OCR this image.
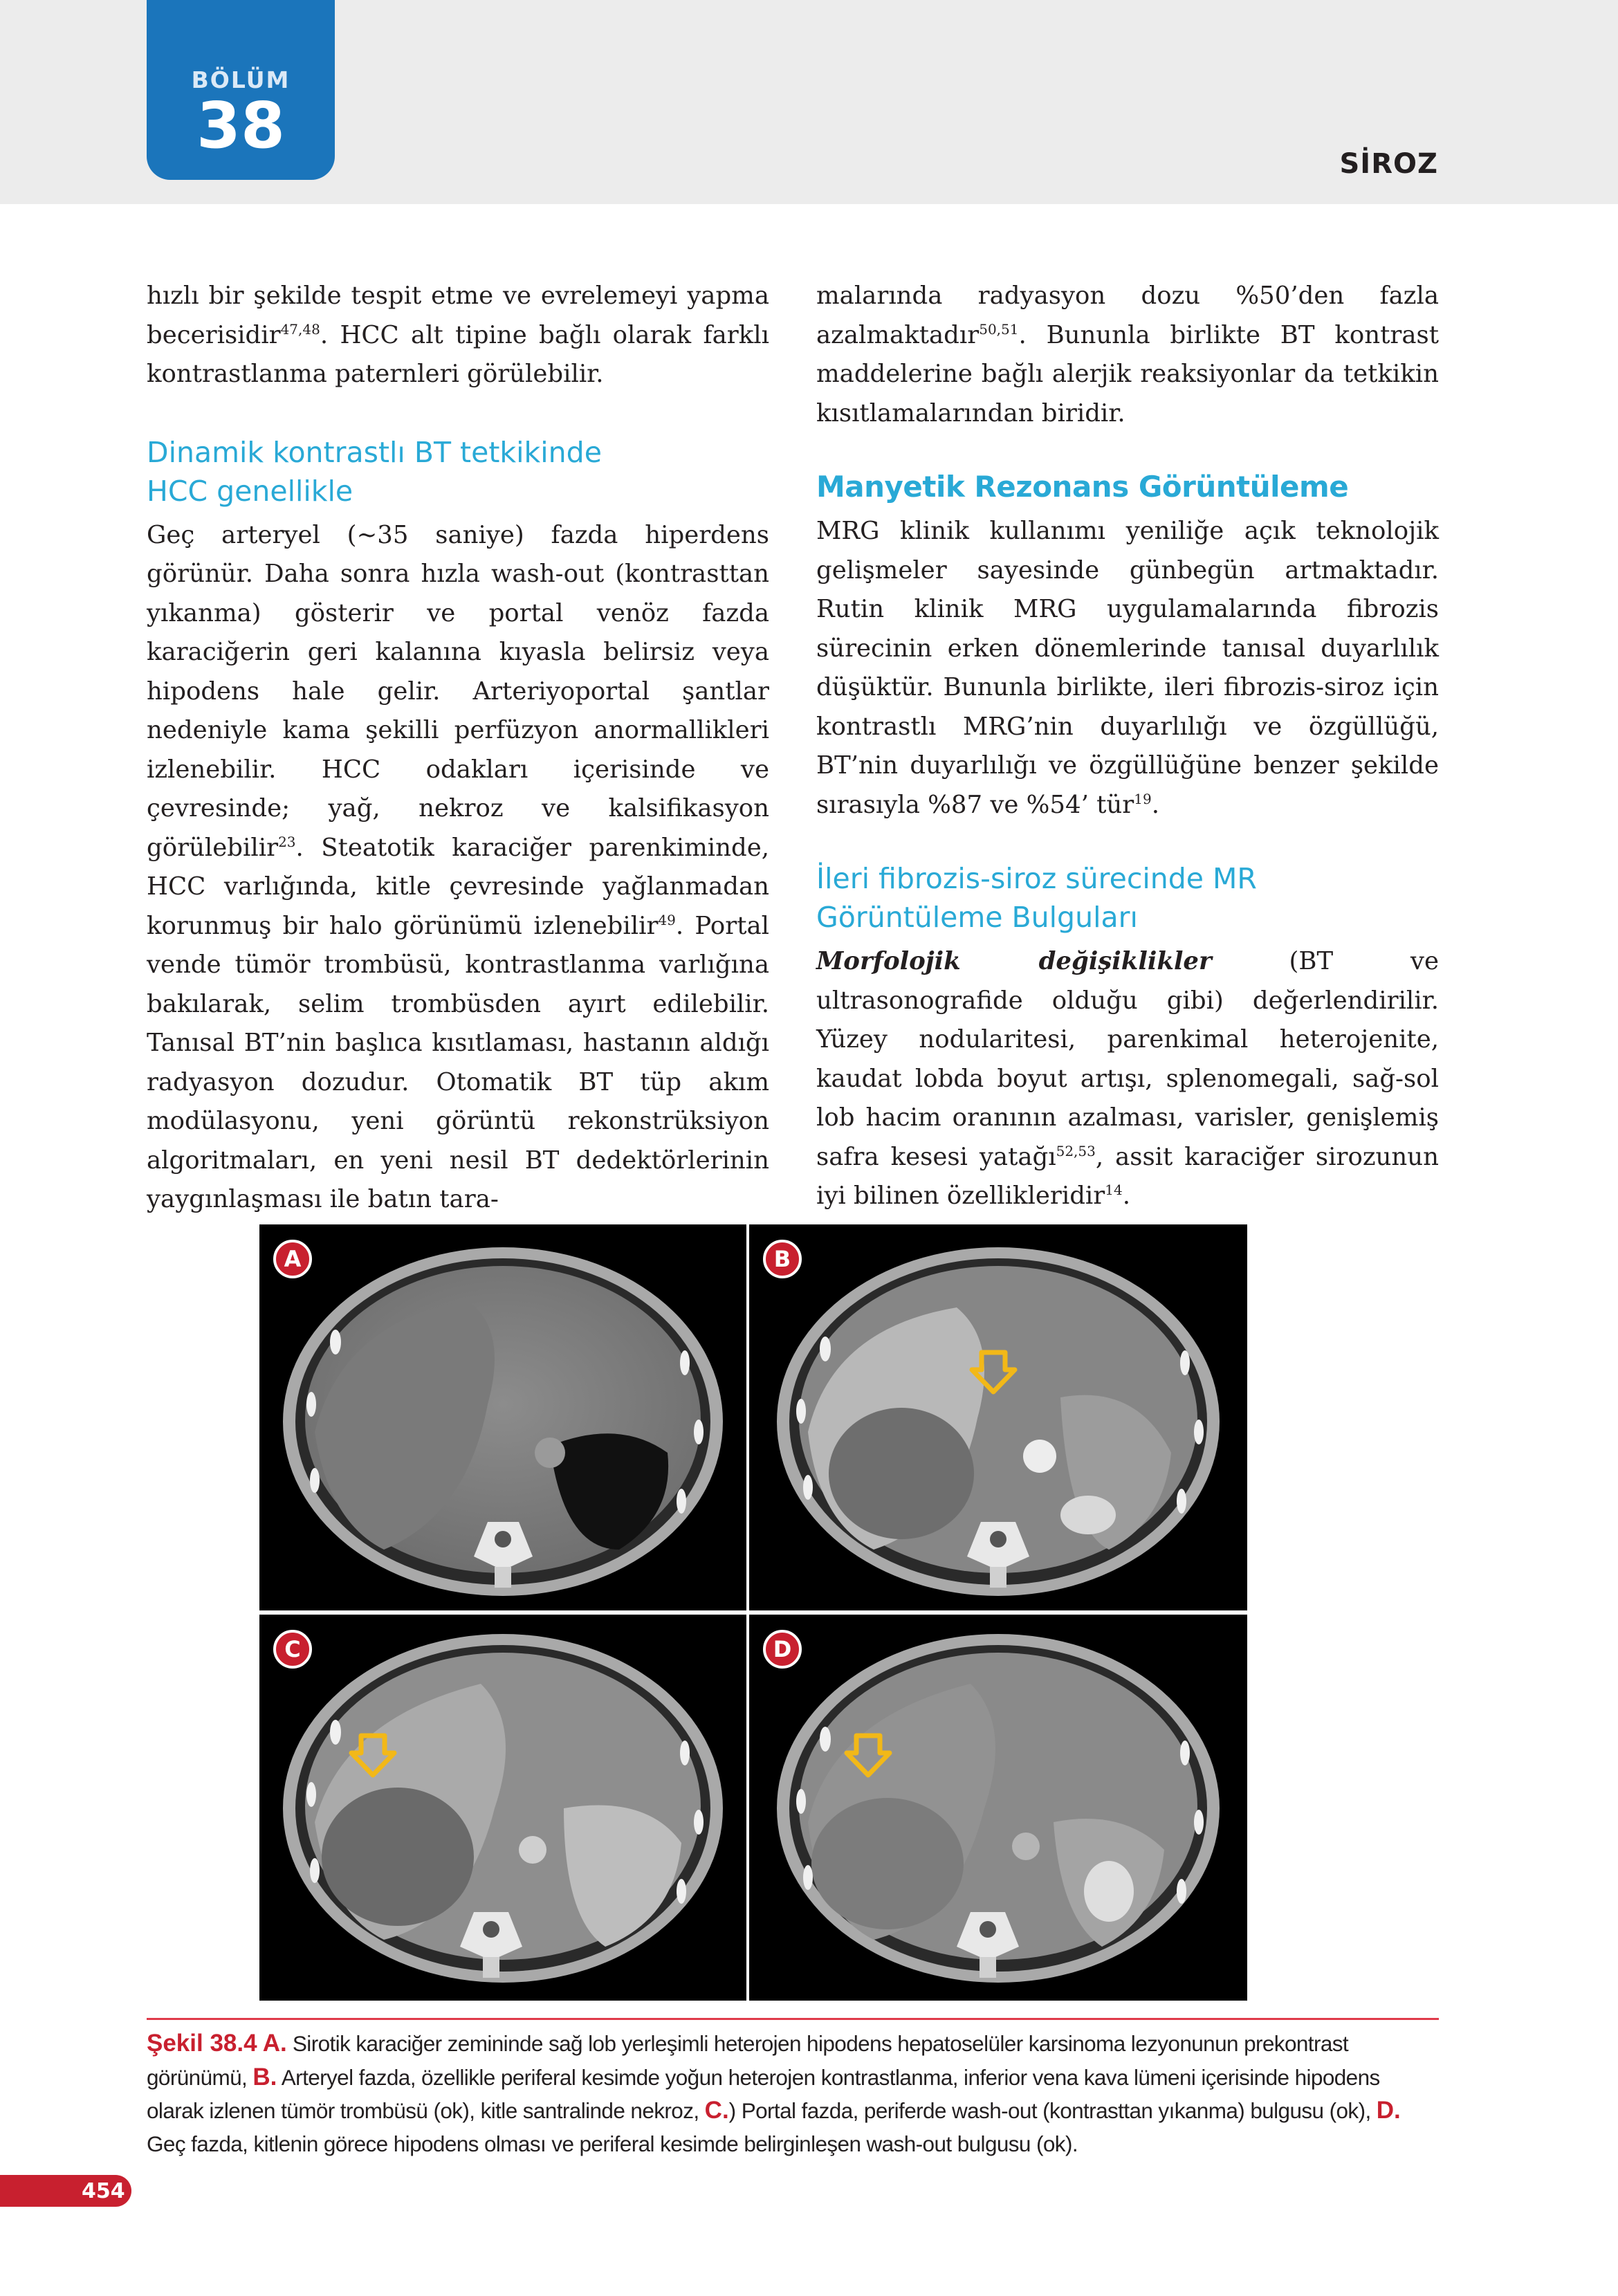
BÖLÜM
38
SİROZ

hızlı bir şekilde tespit etme ve evrelemeyi yapma becerisidir$^{47,48}$. HCC alt tipine bağlı olarak farklı kontrastlanma paternleri görülebilir.

Dinamik kontrastlı BT tetkikinde HCC genellikle

Geç arteryel (~35 saniye) fazda hiperdens görünür. Daha sonra hızla wash-out (kontrasttan yıkanma) gösterir ve portal venöz fazda karaciğerin geri kalanına kıyasla belirsiz veya hipodens hale gelir. Arteriyoportal şantlar nedeniyle kama şekilli perfüzyon anormallikleri izlenebilir. HCC odakları içerisinde ve çevresinde; yağ, nekroz ve kalsifikasyon görülebilir$^{23}$. Steatotik karaciğer parenkiminde, HCC varlığında, kitle çevresinde yağlanmadan korunmuş bir halo görünümü izlenebilir$^{49}$. Portal vende tümör trombüsü, kontrastlanma varlığına bakılarak, selim trombüsden ayırt edilebilir. Tanısal BT’nin başlıca kısıtlaması, hastanın aldığı radyasyon dozudur. Otomatik BT tüp akım modülasyonu, yeni görüntü rekonstrüksiyon algoritmaları, en yeni nesil BT dedektörlerinin yaygınlaşması ile batın tara-

malarında radyasyon dozu %50’den fazla azalmaktadır$^{50,51}$. Bununla birlikte BT kontrast maddelerine bağlı alerjik reaksiyonlar da tetkikin kısıtlamalarından biridir.

Manyetik Rezonans Görüntüleme

MRG klinik kullanımı yeniliğe açık teknolojik gelişmeler sayesinde günbegün artmaktadır. Rutin klinik MRG uygulamalarında fibrozis sürecinin erken dönemlerinde tanısal duyarlılık düşüktür. Bununla birlikte, ileri fibrozis-siroz için kontrastlı MRG’nin duyarlılığı ve özgüllüğü, BT’nin duyarlılığı ve özgüllüğüne benzer şekilde sırasıyla %87 ve %54’ tür$^{19}$.

İleri fibrozis-siroz sürecinde MR Görüntüleme Bulguları

Morfolojik değişiklikler (BT ve ultrasonografide olduğu gibi) değerlendirilir. Yüzey nodularitesi, parenkimal heterojenite, kaudat lobda boyut artışı, splenomegali, sağ-sol lob hacim oranının azalması, varisler, genişlemiş safra kesesi yatağı$^{52,53}$, assit karaciğer sirozunun iyi bilinen özellikleridir$^{14}$.

A	B
C	D
Şekil 38.4 A. Sirotik karaciğer zemininde sağ lob yerleşimli heterojen hipodens hepatoselüler karsinoma lezyonunun prekontrast görünümü, B. Arteryel fazda, özellikle periferal kesimde yoğun heterojen kontrastlanma, inferior vena kava lümeni içerisinde hipodens olarak izlenen tümör trombüsü (ok), kitle santralinde nekroz, C.) Portal fazda, periferde wash-out (kontrasttan yıkanma) bulgusu (ok), D. Geç fazda, kitlenin görece hipodens olması ve periferal kesimde belirginleşen wash-out bulgusu (ok).
454
